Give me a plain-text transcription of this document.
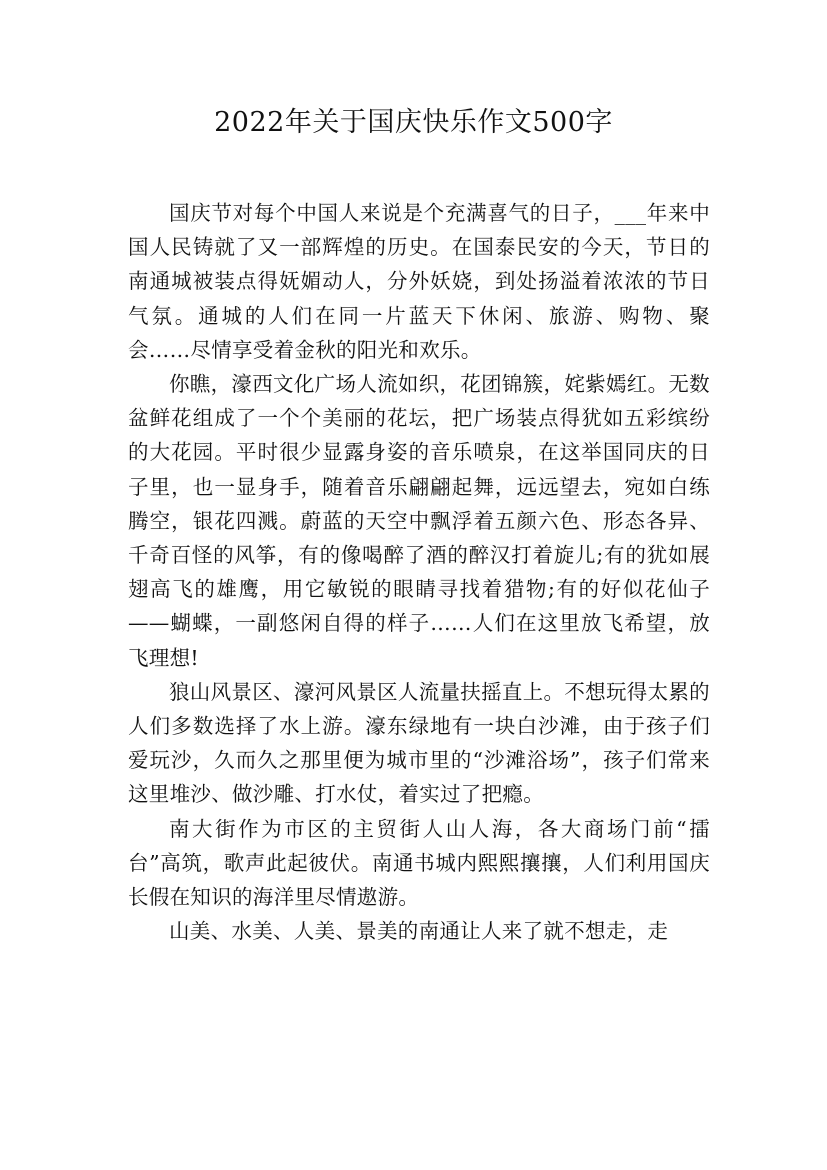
2022年关于国庆快乐作文500字

国庆节对每个中国人来说是个充满喜气的日子，___年来中国人民铸就了又一部辉煌的历史。在国泰民安的今天，节日的南通城被装点得妩媚动人，分外妖娆，到处扬溢着浓浓的节日气氛。通城的人们在同一片蓝天下休闲、旅游、购物、聚会……尽情享受着金秋的阳光和欢乐。

你瞧，濠西文化广场人流如织，花团锦簇，姹紫嫣红。无数盆鲜花组成了一个个美丽的花坛，把广场装点得犹如五彩缤纷的大花园。平时很少显露身姿的音乐喷泉，在这举国同庆的日子里，也一显身手，随着音乐翩翩起舞，远远望去，宛如白练腾空，银花四溅。蔚蓝的天空中飘浮着五颜六色、形态各异、千奇百怪的风筝，有的像喝醉了酒的醉汉打着旋儿;有的犹如展翅高飞的雄鹰，用它敏锐的眼睛寻找着猎物;有的好似花仙子——蝴蝶，一副悠闲自得的样子……人们在这里放飞希望，放飞理想!

狼山风景区、濠河风景区人流量扶摇直上。不想玩得太累的人们多数选择了水上游。濠东绿地有一块白沙滩，由于孩子们爱玩沙，久而久之那里便为城市里的“沙滩浴场”，孩子们常来这里堆沙、做沙雕、打水仗，着实过了把瘾。

南大街作为市区的主贸街人山人海，各大商场门前“擂台”高筑，歌声此起彼伏。南通书城内熙熙攘攘，人们利用国庆长假在知识的海洋里尽情遨游。

山美、水美、人美、景美的南通让人来了就不想走，走
